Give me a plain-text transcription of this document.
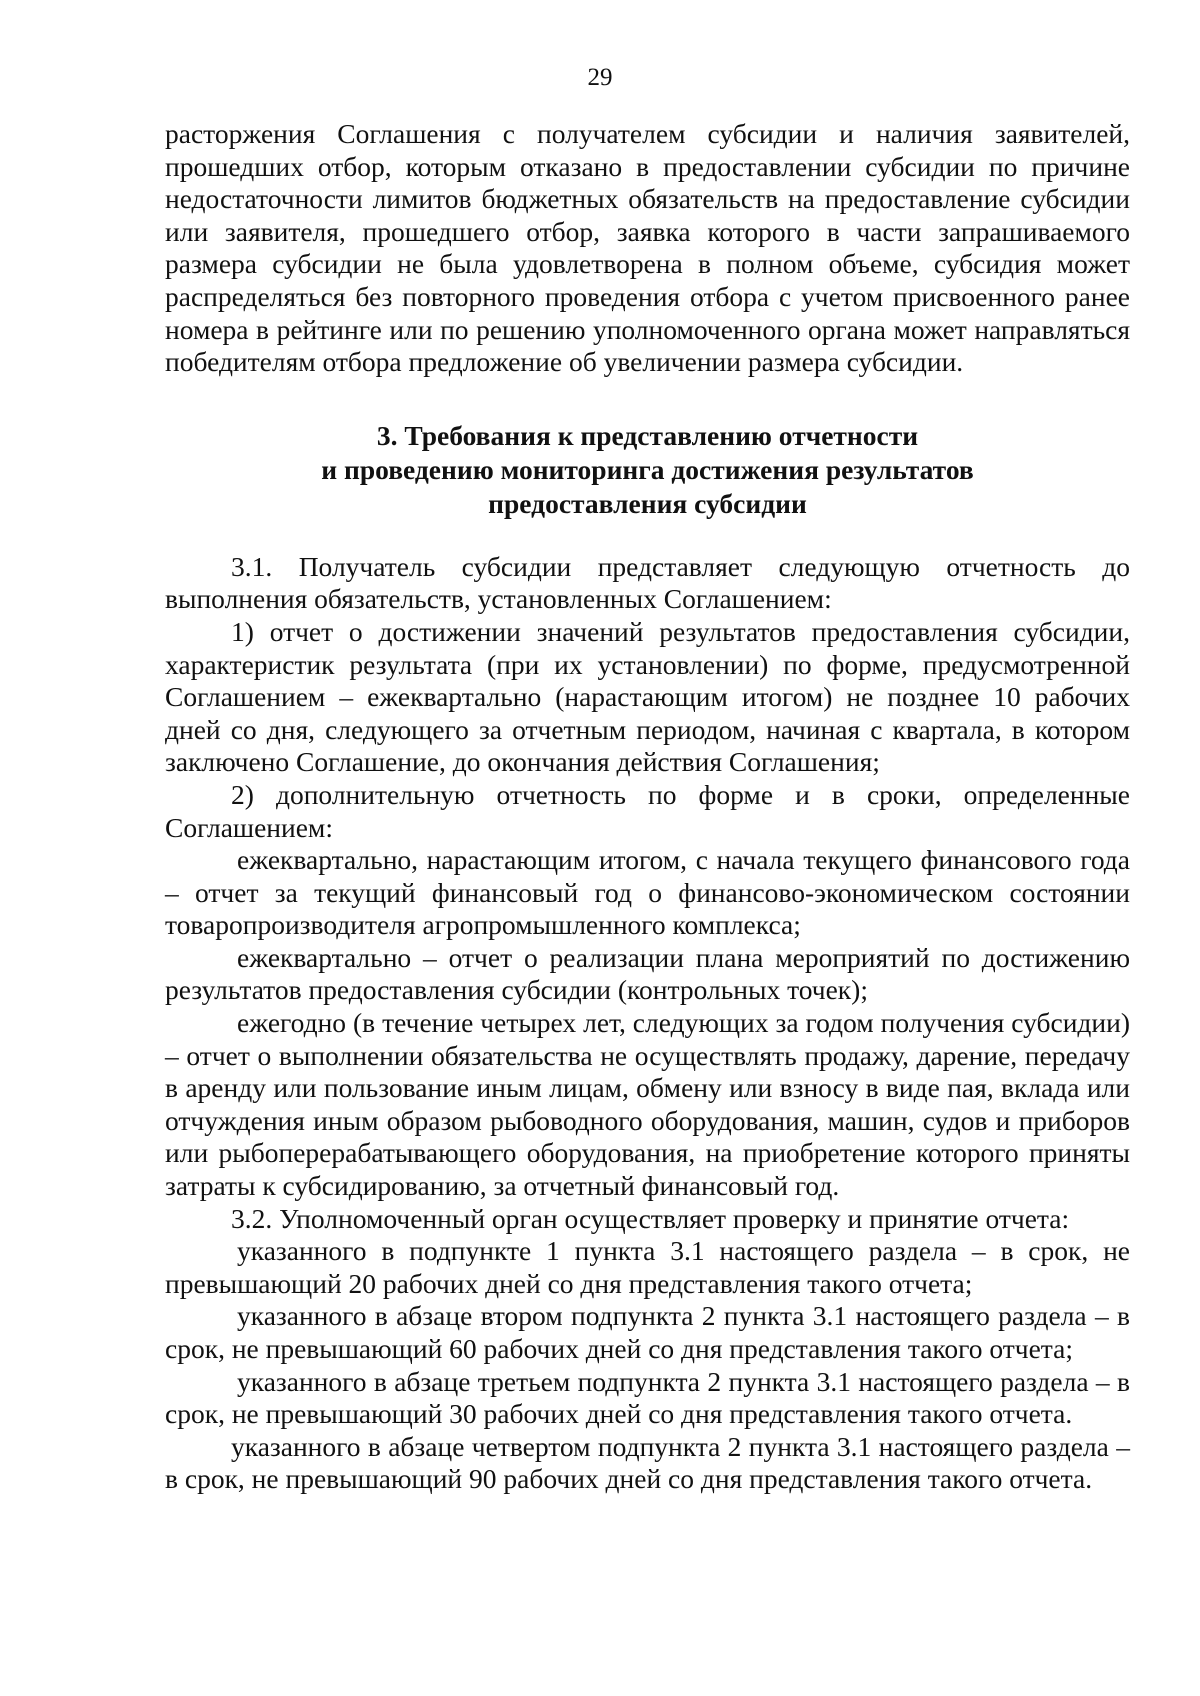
29

расторжения Соглашения с получателем субсидии и наличия заявителей, прошедших отбор, которым отказано в предоставлении субсидии по причине недостаточности лимитов бюджетных обязательств на предоставление субсидии или заявителя, прошедшего отбор, заявка которого в части запрашиваемого размера субсидии не была удовлетворена в полном объеме, субсидия может распределяться без повторного проведения отбора с учетом присвоенного ранее номера в рейтинге или по решению уполномоченного органа может направляться победителям отбора предложение об увеличении размера субсидии.

3. Требования к представлению отчетности
и проведению мониторинга достижения результатов
предоставления субсидии

3.1. Получатель субсидии представляет следующую отчетность до выполнения обязательств, установленных Соглашением:

1) отчет о достижении значений результатов предоставления субсидии, характеристик результата (при их установлении) по форме, предусмотренной Соглашением – ежеквартально (нарастающим итогом) не позднее 10 рабочих дней со дня, следующего за отчетным периодом, начиная с квартала, в котором заключено Соглашение, до окончания действия Соглашения;

2) дополнительную отчетность по форме и в сроки, определенные Соглашением:

ежеквартально, нарастающим итогом, с начала текущего финансового года – отчет за текущий финансовый год о финансово-экономическом состоянии товаропроизводителя агропромышленного комплекса;

ежеквартально – отчет о реализации плана мероприятий по достижению результатов предоставления субсидии (контрольных точек);

ежегодно (в течение четырех лет, следующих за годом получения субсидии) – отчет о выполнении обязательства не осуществлять продажу, дарение, передачу в аренду или пользование иным лицам, обмену или взносу в виде пая, вклада или отчуждения иным образом рыбоводного оборудования, машин, судов и приборов или рыбоперерабатывающего оборудования, на приобретение которого приняты затраты к субсидированию, за отчетный финансовый год.

3.2. Уполномоченный орган осуществляет проверку и принятие отчета:

указанного в подпункте 1 пункта 3.1 настоящего раздела – в срок, не превышающий 20 рабочих дней со дня представления такого отчета;

указанного в абзаце втором подпункта 2 пункта 3.1 настоящего раздела – в срок, не превышающий 60 рабочих дней со дня представления такого отчета;

указанного в абзаце третьем подпункта 2 пункта 3.1 настоящего раздела – в срок, не превышающий 30 рабочих дней со дня представления такого отчета.

указанного в абзаце четвертом подпункта 2 пункта 3.1 настоящего раздела – в срок, не превышающий 90 рабочих дней со дня представления такого отчета.
